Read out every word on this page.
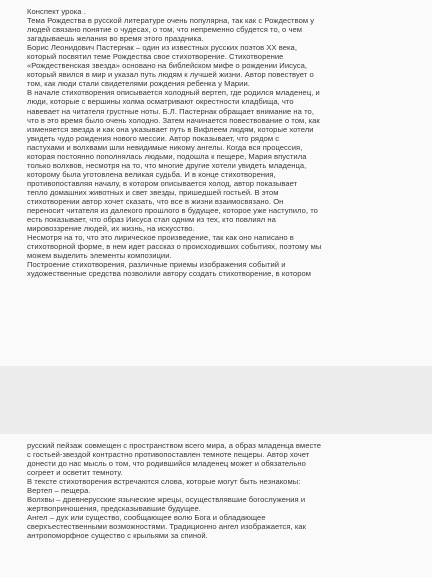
Конспект урока .

Тема Рождества в русской литературе очень популярна, так как с Рождеством у

людей связано понятие о чудесах, о том, что непременно сбудется то, о чем

загадываешь желания во время этого праздника.

Борис Леонидович Пастернак – один из известных русских поэтов XX века,

который посвятил теме Рождества свое стихотворение. Стихотворение

«Рождественская звезда» основано на библейском мифе о рождении Иисуса,

который явился в мир и указал путь людям к лучшей жизни. Автор повествует о

том, как люди стали свидетелями рождения ребенка у Марии.

В начале стихотворения описывается холодный вертеп, где родился младенец, и

люди, которые с вершины холма осматривают окрестности кладбища, что

навевает на читателя грустные ноты. Б.Л. Пастернак обращает внимание на то,

что в это время было очень холодно. Затем начинается повествование о том, как

изменяется звезда и как она указывает путь в Вифлеем людям, которые хотели

увидеть чудо рождения нового мессии. Автор показывает, что рядом с

пастухами и волхвами шли невидимые никому ангелы. Когда вся процессия,

которая постоянно пополнялась людьми, подошла к пещере, Мария впустила

только волхвов, несмотря на то, что многие другие хотели увидеть младенца,

которому была уготовлена великая судьба. И в конце стихотворения,

противопоставляя началу, в котором описывается холод, автор показывает

тепло домашних животных и свет звезды, пришедшей гостьей. В этом

стихотворении автор хочет сказать, что все в жизни взаимосвязано. Он

переносит читателя из далекого прошлого в будущее, которое уже наступило, то

есть показывает, что образ Иисуса стал одним из тех, кто повлиял на

мировоззрение людей, их жизнь, на искусство.

Несмотря на то, что это лирическое произведение, так как оно написано в

стихотворной форме, в нем идет рассказ о происходивших событиях, поэтому мы

можем выделить элементы композиции.

Построение стихотворения, различные приемы изображения событий и

художественные средства позволили автору создать стихотворение, в котором

русский пейзаж совмещен с пространством всего мира, а образ младенца вместе

с гостьей-звездой контрастно противопоставлен темноте пещеры. Автор хочет

донести до нас мысль о том, что родившийся младенец может и обязательно

согреет и осветит темноту.

В тексте стихотворения встречаются слова, которые могут быть незнакомы:

Вертеп – пещера.

Волхвы – древнерусские языческие жрецы, осуществлявшие богослужения и

жертвоприношения, предсказывавшие будущее.

Ангел – дух или существо, сообщающее волю Бога и обладающее

сверхъестественными возможностями. Традиционно ангел изображается, как

антропоморфное существо с крыльями за спиной.
